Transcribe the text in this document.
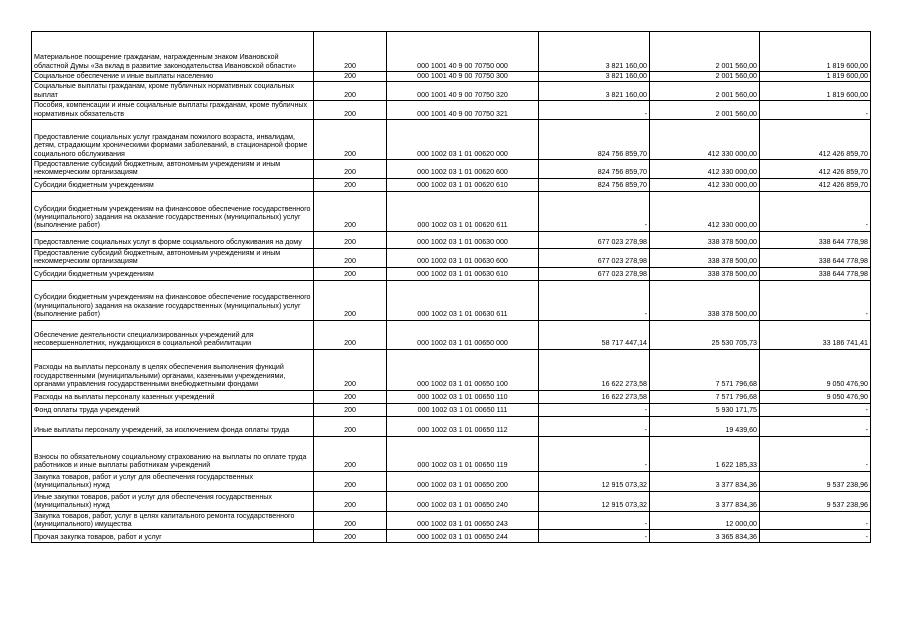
Материальное поощрение гражданам, награжденным знаком Ивановской областной Думы «За вклад в развитие законодательства Ивановской области»	200	000 1001 40 9 00 70750 000	3 821 160,00	2 001 560,00	1 819 600,00
Социальное обеспечение и иные выплаты населению	200	000 1001 40 9 00 70750 300	3 821 160,00	2 001 560,00	1 819 600,00
Социальные выплаты гражданам, кроме публичных нормативных социальных выплат	200	000 1001 40 9 00 70750 320	3 821 160,00	2 001 560,00	1 819 600,00
Пособия, компенсации и иные социальные выплаты гражданам, кроме публичных нормативных обязательств	200	000 1001 40 9 00 70750 321	-	2 001 560,00	-
Предоставление социальных услуг гражданам пожилого возраста, инвалидам, детям, страдающим хроническими формами заболеваний, в стационарной форме социального обслуживания	200	000 1002 03 1 01 00620 000	824 756 859,70	412 330 000,00	412 426 859,70
Предоставление субсидий бюджетным, автономным учреждениям и иным некоммерческим организациям	200	000 1002 03 1 01 00620 600	824 756 859,70	412 330 000,00	412 426 859,70
Субсидии бюджетным учреждениям	200	000 1002 03 1 01 00620 610	824 756 859,70	412 330 000,00	412 426 859,70
Субсидии бюджетным учреждениям на финансовое обеспечение государственного (муниципального) задания на оказание государственных (муниципальных) услуг (выполнение работ)	200	000 1002 03 1 01 00620 611	-	412 330 000,00	-
Предоставление социальных услуг в форме социального обслуживания на дому	200	000 1002 03 1 01 00630 000	677 023 278,98	338 378 500,00	338 644 778,98
Предоставление субсидий бюджетным, автономным учреждениям и иным некоммерческим организациям	200	000 1002 03 1 01 00630 600	677 023 278,98	338 378 500,00	338 644 778,98
Субсидии бюджетным учреждениям	200	000 1002 03 1 01 00630 610	677 023 278,98	338 378 500,00	338 644 778,98
Субсидии бюджетным учреждениям на финансовое обеспечение государственного (муниципального) задания на оказание государственных (муниципальных) услуг (выполнение работ)	200	000 1002 03 1 01 00630 611	-	338 378 500,00	-
Обеспечение деятельности специализированных учреждений для несовершеннолетних, нуждающихся в социальной реабилитации	200	000 1002 03 1 01 00650 000	58 717 447,14	25 530 705,73	33 186 741,41
Расходы на выплаты персоналу в целях обеспечения выполнения функций государственными (муниципальными) органами, казенными учреждениями, органами управления государственными внебюджетными фондами	200	000 1002 03 1 01 00650 100	16 622 273,58	7 571 796,68	9 050 476,90
Расходы на выплаты персоналу казенных учреждений	200	000 1002 03 1 01 00650 110	16 622 273,58	7 571 796,68	9 050 476,90
Фонд оплаты труда учреждений	200	000 1002 03 1 01 00650 111	-	5 930 171,75	-
Иные выплаты персоналу учреждений, за исключением фонда оплаты труда	200	000 1002 03 1 01 00650 112	-	19 439,60	-
Взносы по обязательному социальному страхованию на выплаты по оплате труда работников и иные выплаты работникам учреждений	200	000 1002 03 1 01 00650 119	-	1 622 185,33	-
Закупка товаров, работ и услуг для обеспечения государственных (муниципальных) нужд	200	000 1002 03 1 01 00650 200	12 915 073,32	3 377 834,36	9 537 238,96
Иные закупки товаров, работ и услуг для обеспечения государственных (муниципальных) нужд	200	000 1002 03 1 01 00650 240	12 915 073,32	3 377 834,36	9 537 238,96
Закупка товаров, работ, услуг в целях капитального ремонта государственного (муниципального) имущества	200	000 1002 03 1 01 00650 243	-	12 000,00	-
Прочая закупка товаров, работ и услуг	200	000 1002 03 1 01 00650 244	-	3 365 834,36	-
